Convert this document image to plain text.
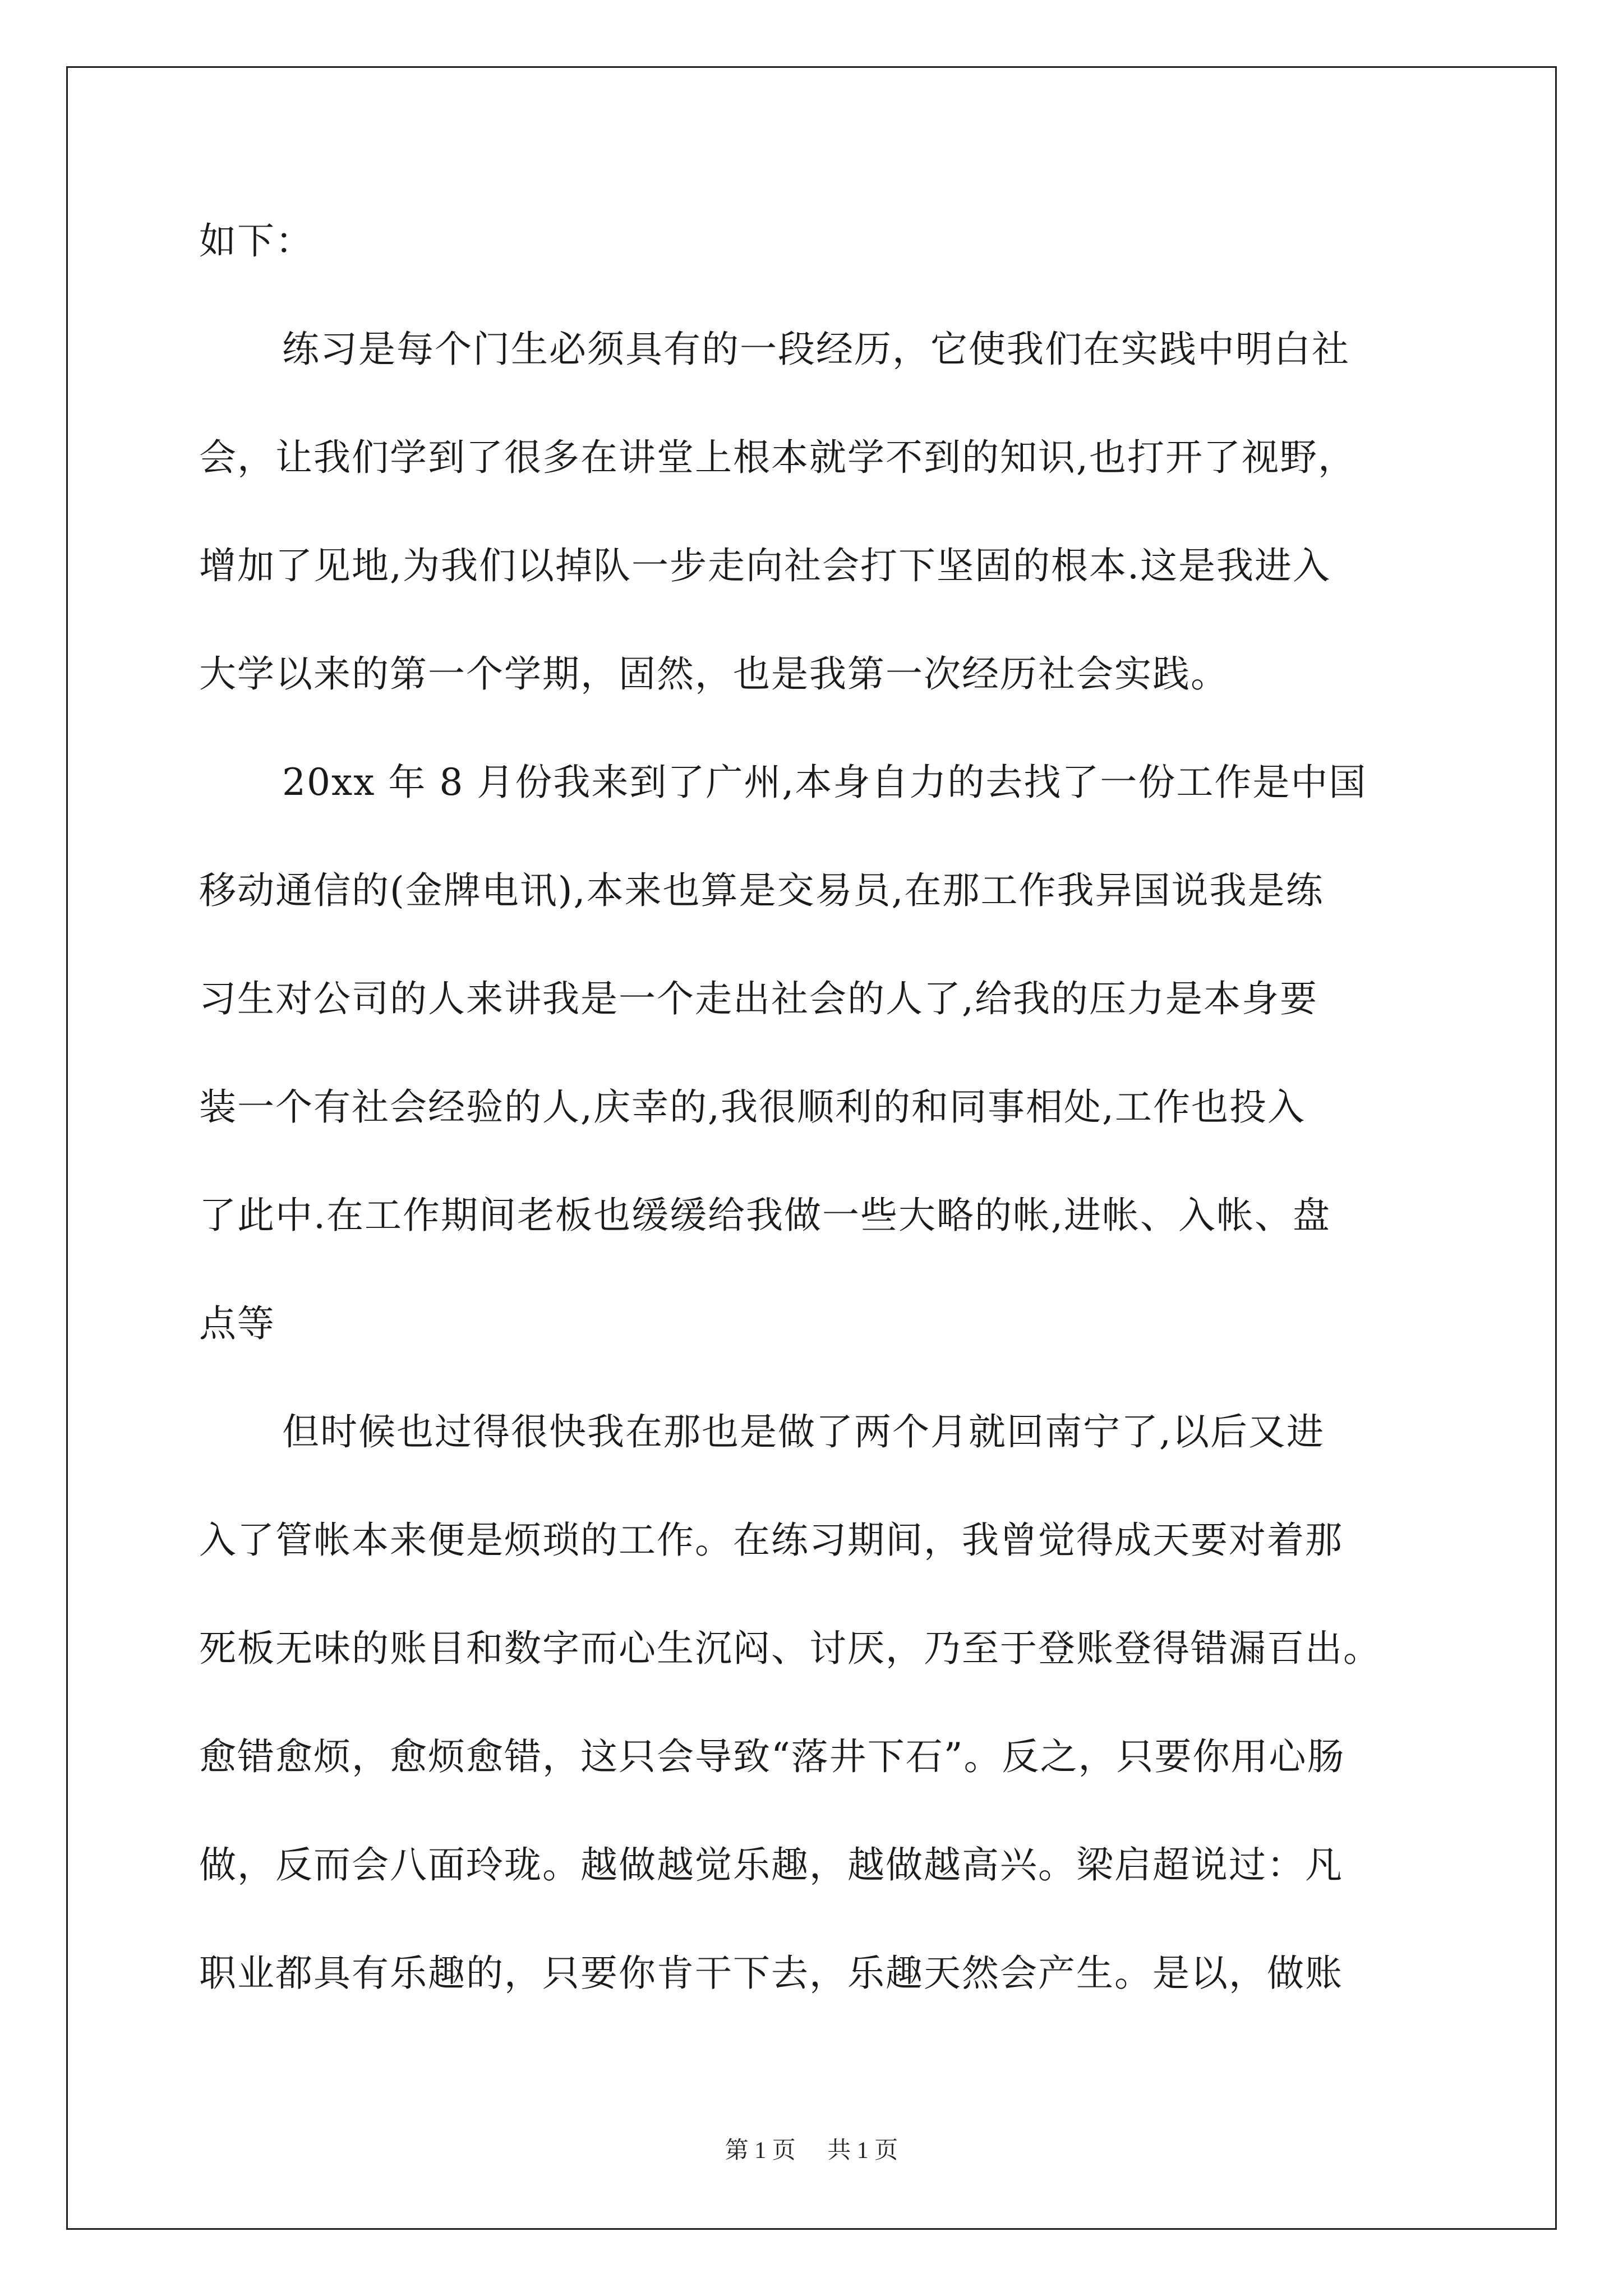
如下：
练习是每个门生必须具有的一段经历，它使我们在实践中明白社
会，让我们学到了很多在讲堂上根本就学不到的知识,也打开了视野，
增加了见地,为我们以掉队一步走向社会打下坚固的根本.这是我进入
大学以来的第一个学期，固然，也是我第一次经历社会实践。
20xx 年 8 月份我来到了广州,本身自力的去找了一份工作是中国
移动通信的(金牌电讯),本来也算是交易员,在那工作我异国说我是练
习生对公司的人来讲我是一个走出社会的人了,给我的压力是本身要
装一个有社会经验的人,庆幸的,我很顺利的和同事相处,工作也投入
了此中.在工作期间老板也缓缓给我做一些大略的帐,进帐、入帐、盘
点等
但时候也过得很快我在那也是做了两个月就回南宁了,以后又进
入了管帐本来便是烦琐的工作。在练习期间，我曾觉得成天要对着那
死板无味的账目和数字而心生沉闷、讨厌，乃至于登账登得错漏百出。
愈错愈烦，愈烦愈错，这只会导致“落井下石”。反之，只要你用心肠
做，反而会八面玲珑。越做越觉乐趣，越做越高兴。梁启超说过：凡
职业都具有乐趣的，只要你肯干下去，乐趣天然会产生。是以，做账
第 1 页 共 1 页
